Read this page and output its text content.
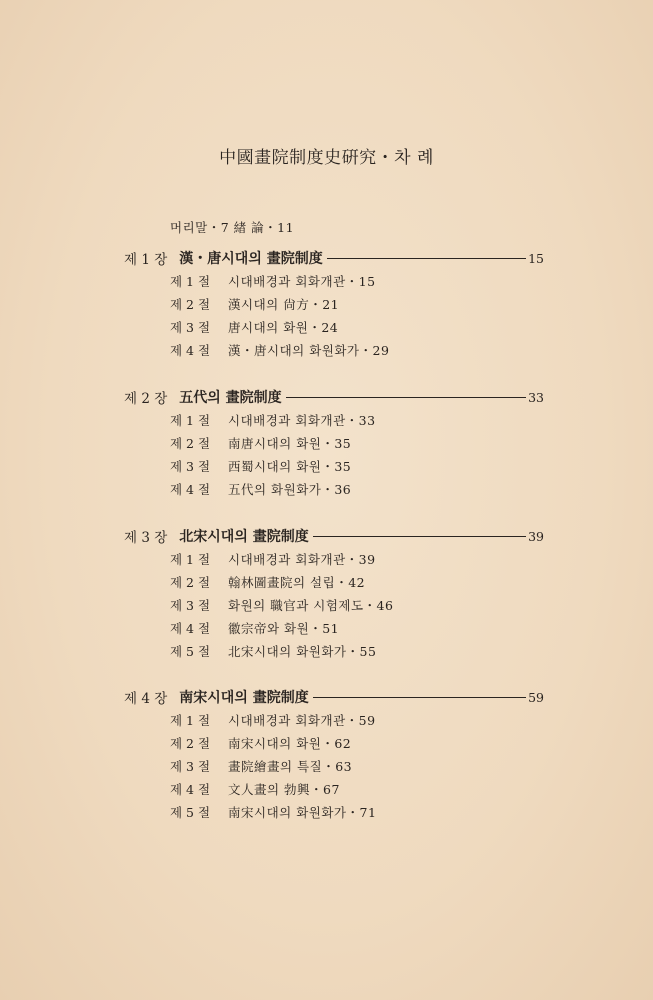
中國畫院制度史硏究・차 례
머리말・7 緖 論・11
제 1 장 漢・唐시대의 畫院制度	15
제 1 절	시대배경과 회화개관・15
제 2 절	漢시대의 尙方・21
제 3 절	唐시대의 화원・24
제 4 절	漢・唐시대의 화원화가・29
제 2 장 五代의 畫院制度	33
제 1 절	시대배경과 회화개관・33
제 2 절	南唐시대의 화원・35
제 3 절	西蜀시대의 화원・35
제 4 절	五代의 화원화가・36
제 3 장 北宋시대의 畫院制度	39
제 1 절	시대배경과 회화개관・39
제 2 절	翰林圖畫院의 설립・42
제 3 절	화원의 職官과 시험제도・46
제 4 절	徽宗帝와 화원・51
제 5 절	北宋시대의 화원화가・55
제 4 장 南宋시대의 畫院制度	59
제 1 절	시대배경과 회화개관・59
제 2 절	南宋시대의 화원・62
제 3 절	畫院繪畫의 특질・63
제 4 절	文人畫의 勃興・67
제 5 절	南宋시대의 화원화가・71
